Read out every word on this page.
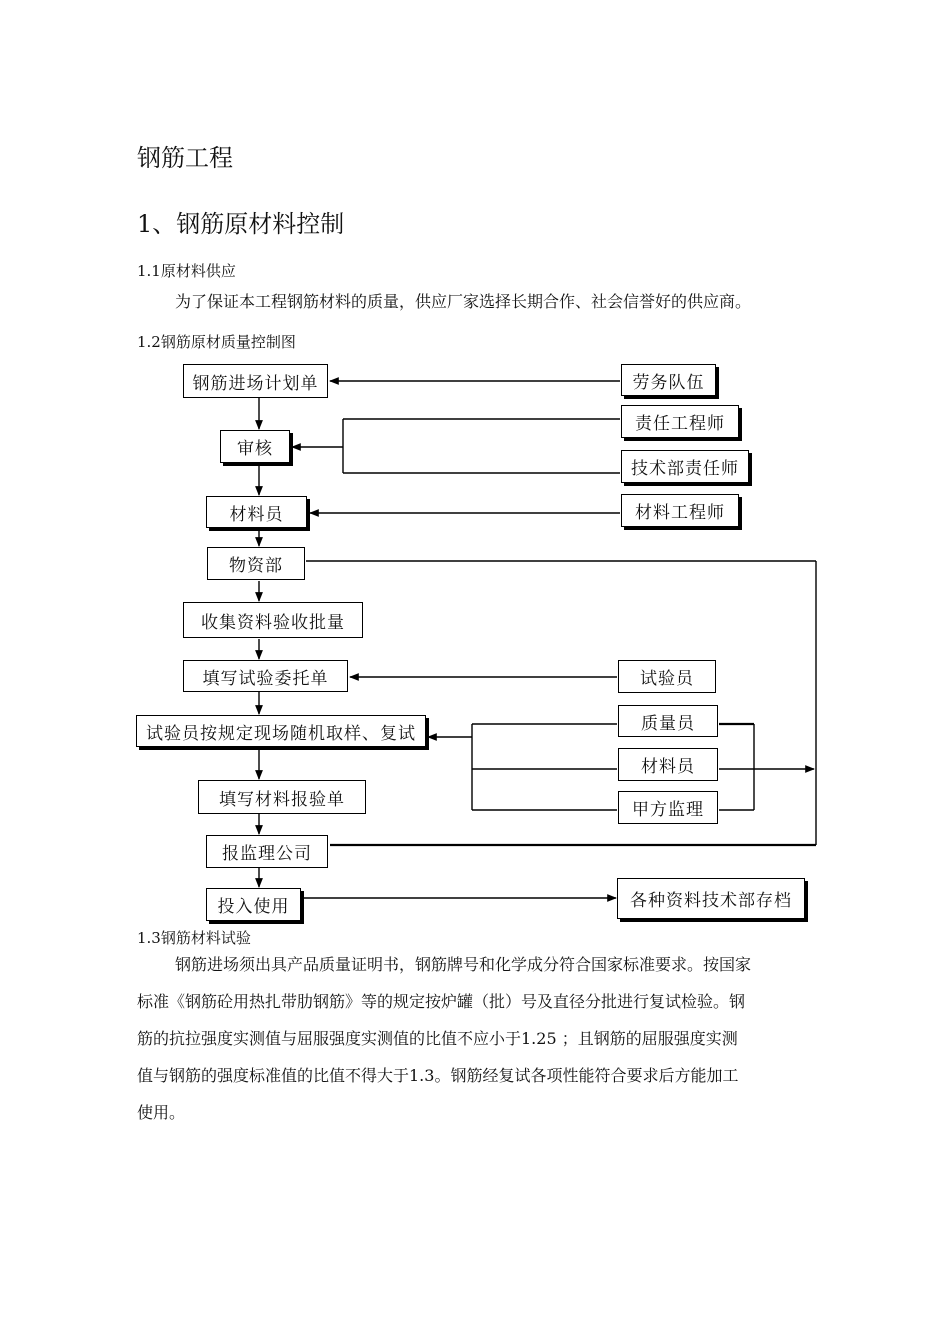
钢筋工程
1、钢筋原材料控制
1.1原材料供应
为了保证本工程钢筋材料的质量，供应厂家选择长期合作、社会信誉好的供应商。
1.2钢筋原材质量控制图
钢筋进场计划单
审核
材料员
物资部
收集资料验收批量
填写试验委托单
试验员按规定现场随机取样、复试
填写材料报验单
报监理公司
投入使用
劳务队伍
责任工程师
技术部责任师
材料工程师
试验员
质量员
材料员
甲方监理
各种资料技术部存档
1.3钢筋材料试验
钢筋进场须出具产品质量证明书，钢筋牌号和化学成分符合国家标准要求。按国家
标准《钢筋砼用热扎带肋钢筋》等的规定按炉罐（批）号及直径分批进行复试检验。钢
筋的抗拉强度实测值与屈服强度实测值的比值不应小于1.25 ；且钢筋的屈服强度实测
值与钢筋的强度标准值的比值不得大于1.3。钢筋经复试各项性能符合要求后方能加工
使用。
